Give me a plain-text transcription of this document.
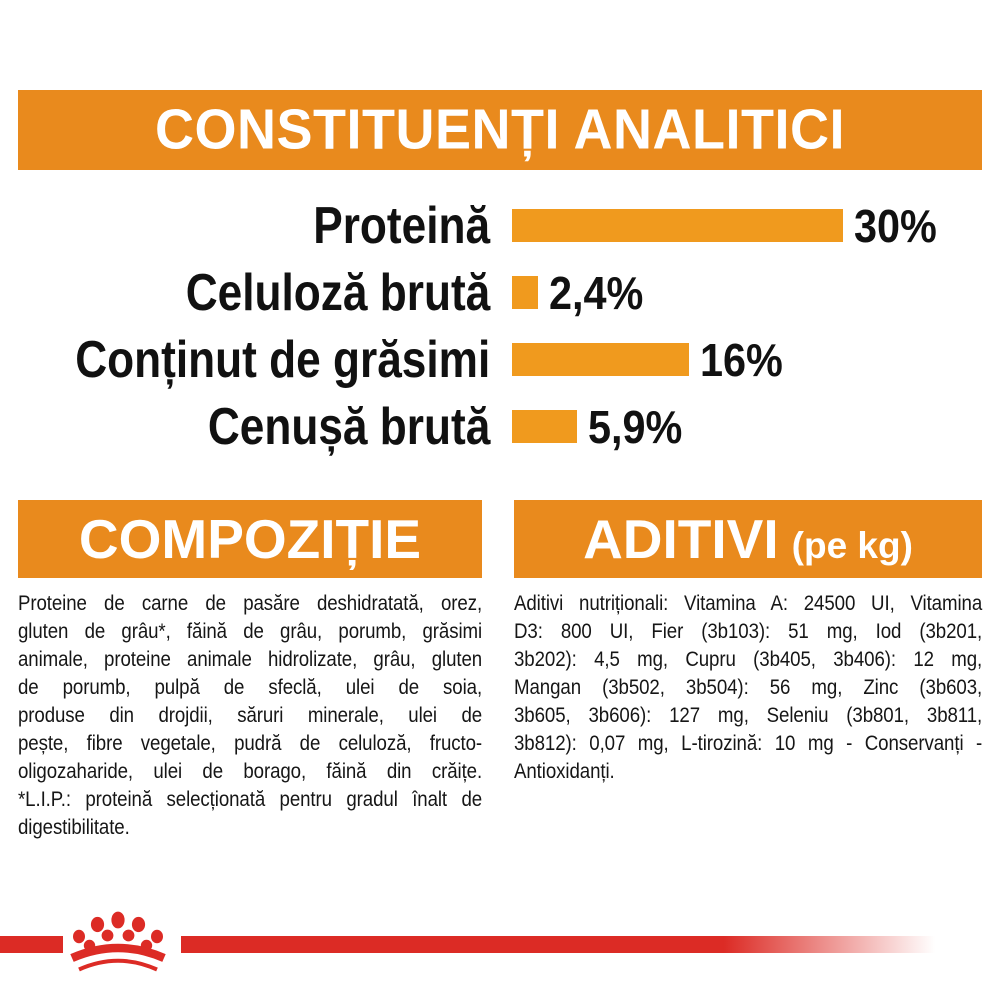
CONSTITUENȚI ANALITICI
Proteină	30%
Celuloză brută 2,4%
Conținut de grăsimi	16%
Cenușă brută 5,9%
COMPOZIȚIE
Proteine de carne de pasăre deshidratată, orez,
gluten de grâu*, făină de grâu, porumb, grăsimi
animale, proteine animale hidrolizate, grâu, gluten
de porumb, pulpă de sfeclă, ulei de soia,
produse din drojdii, săruri minerale, ulei de
pește, fibre vegetale, pudră de celuloză, fructo-
oligozaharide, ulei de borago, făină din crăițe.
*L.I.P.: proteină selecționată pentru gradul înalt de
digestibilitate.
ADITIVI (pe kg)
Aditivi nutriționali: Vitamina A: 24500 UI, Vitamina
D3: 800 UI, Fier (3b103): 51 mg, Iod (3b201,
3b202): 4,5 mg, Cupru (3b405, 3b406): 12 mg,
Mangan (3b502, 3b504): 56 mg, Zinc (3b603,
3b605, 3b606): 127 mg, Seleniu (3b801, 3b811,
3b812): 0,07 mg, L-tirozină: 10 mg - Conservanți -
Antioxidanți.
